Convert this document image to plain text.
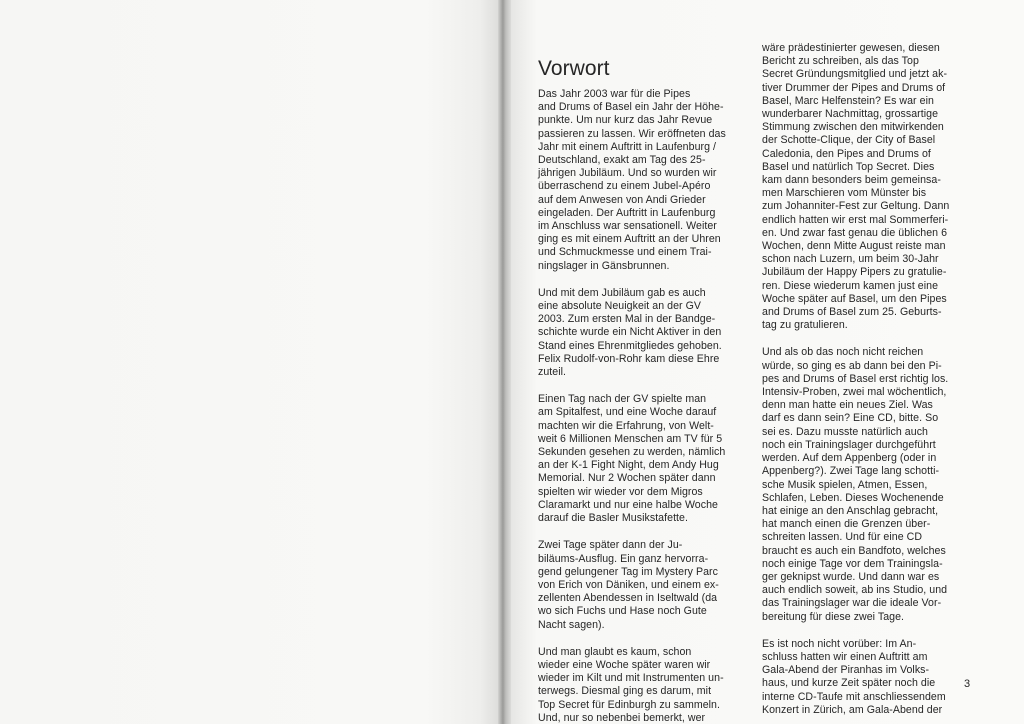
Vorwort
Das Jahr 2003 war für die Pipes
and Drums of Basel ein Jahr der Höhe-
punkte. Um nur kurz das Jahr Revue
passieren zu lassen. Wir eröffneten das
Jahr mit einem Auftritt in Laufenburg /
Deutschland, exakt am Tag des 25-
jährigen Jubiläum. Und so wurden wir
überraschend zu einem Jubel-Apéro
auf dem Anwesen von Andi Grieder
eingeladen. Der Auftritt in Laufenburg
im Anschluss war sensationell. Weiter
ging es mit einem Auftritt an der Uhren
und Schmuckmesse und einem Trai-
ningslager in Gänsbrunnen.
Und mit dem Jubiläum gab es auch
eine absolute Neuigkeit an der GV
2003. Zum ersten Mal in der Bandge-
schichte wurde ein Nicht Aktiver in den
Stand eines Ehrenmitgliedes gehoben.
Felix Rudolf-von-Rohr kam diese Ehre
zuteil.
Einen Tag nach der GV spielte man
am Spitalfest, und eine Woche darauf
machten wir die Erfahrung, von Welt-
weit 6 Millionen Menschen am TV für 5
Sekunden gesehen zu werden, nämlich
an der K-1 Fight Night, dem Andy Hug
Memorial. Nur 2 Wochen später dann
spielten wir wieder vor dem Migros
Claramarkt und nur eine halbe Woche
darauf die Basler Musikstafette.
Zwei Tage später dann der Ju-
biläums-Ausflug. Ein ganz hervorra-
gend gelungener Tag im Mystery Parc
von Erich von Däniken, und einem ex-
zellenten Abendessen in Iseltwald (da
wo sich Fuchs und Hase noch Gute
Nacht sagen).
Und man glaubt es kaum, schon
wieder eine Woche später waren wir
wieder im Kilt und mit Instrumenten un-
terwegs. Diesmal ging es darum, mit
Top Secret für Edinburgh zu sammeln.
Und, nur so nebenbei bemerkt, wer
wäre prädestinierter gewesen, diesen
Bericht zu schreiben, als das Top
Secret Gründungsmitglied und jetzt ak-
tiver Drummer der Pipes and Drums of
Basel, Marc Helfenstein? Es war ein
wunderbarer Nachmittag, grossartige
Stimmung zwischen den mitwirkenden
der Schotte-Clique, der City of Basel
Caledonia, den Pipes and Drums of
Basel und natürlich Top Secret. Dies
kam dann besonders beim gemeinsa-
men Marschieren vom Münster bis
zum Johanniter-Fest zur Geltung. Dann
endlich hatten wir erst mal Sommerferi-
en. Und zwar fast genau die üblichen 6
Wochen, denn Mitte August reiste man
schon nach Luzern, um beim 30-Jahr
Jubiläum der Happy Pipers zu gratulie-
ren. Diese wiederum kamen just eine
Woche später auf Basel, um den Pipes
and Drums of Basel zum 25. Geburts-
tag zu gratulieren.
Und als ob das noch nicht reichen
würde, so ging es ab dann bei den Pi-
pes and Drums of Basel erst richtig los.
Intensiv-Proben, zwei mal wöchentlich,
denn man hatte ein neues Ziel. Was
darf es dann sein? Eine CD, bitte. So
sei es. Dazu musste natürlich auch
noch ein Trainingslager durchgeführt
werden. Auf dem Appenberg (oder in
Appenberg?). Zwei Tage lang schotti-
sche Musik spielen, Atmen, Essen,
Schlafen, Leben. Dieses Wochenende
hat einige an den Anschlag gebracht,
hat manch einen die Grenzen über-
schreiten lassen. Und für eine CD
braucht es auch ein Bandfoto, welches
noch einige Tage vor dem Trainingsla-
ger geknipst wurde. Und dann war es
auch endlich soweit, ab ins Studio, und
das Trainingslager war die ideale Vor-
bereitung für diese zwei Tage.
Es ist noch nicht vorüber: Im An-
schluss hatten wir einen Auftritt am
Gala-Abend der Piranhas im Volks-
haus, und kurze Zeit später noch die
interne CD-Taufe mit anschliessendem
Konzert in Zürich, am Gala-Abend der
3
